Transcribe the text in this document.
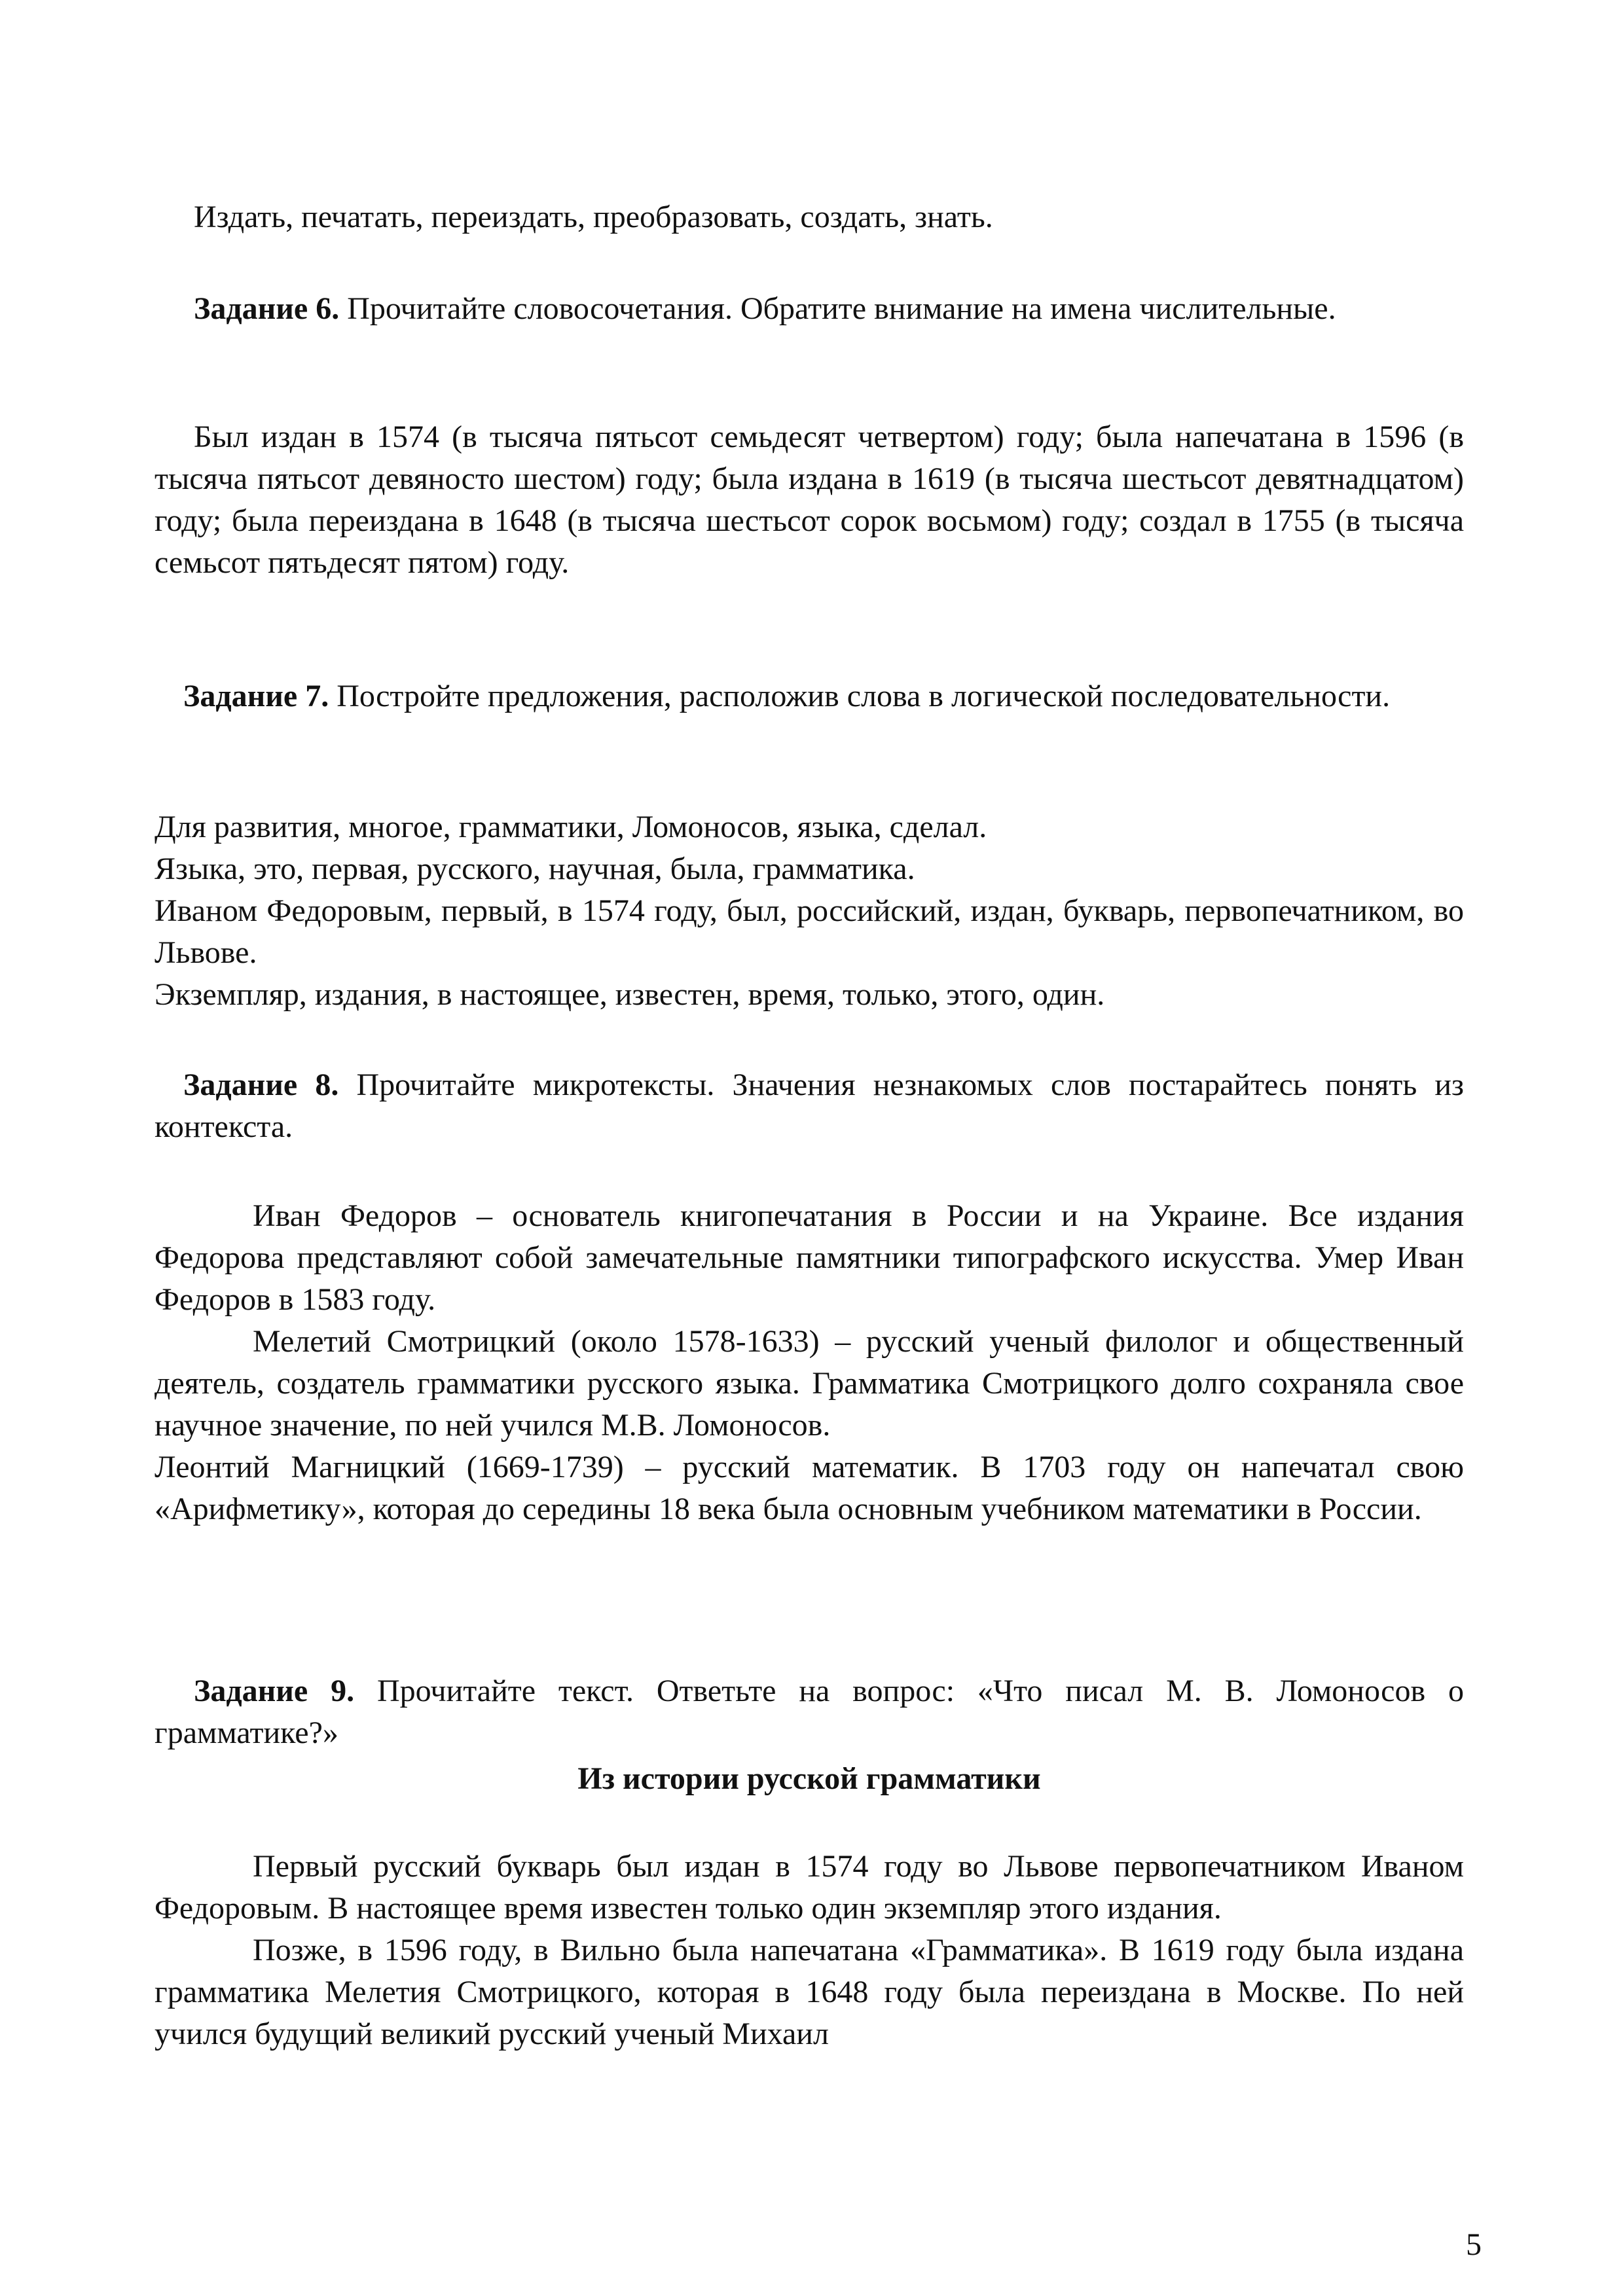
Издать, печатать, переиздать, преобразовать, создать, знать.

Задание 6. Прочитайте словосочетания. Обратите внимание на имена числительные.

Был издан в 1574 (в тысяча пятьсот семьдесят четвертом) году; была напечатана в 1596 (в тысяча пятьсот девяносто шестом) году; была издана в 1619 (в тысяча шестьсот девятнадцатом) году; была переиздана в 1648 (в тысяча шестьсот сорок восьмом) году; создал в 1755 (в тысяча семьсот пятьдесят пятом) году.

Задание 7. Постройте предложения, расположив слова в логической последовательности.

Для развития, многое, грамматики, Ломоносов, языка, сделал.

Языка, это, первая, русского, научная, была, грамматика.

Иваном Федоровым, первый, в 1574 году, был, российский, издан, букварь, первопечатником, во Львове.

Экземпляр, издания, в настоящее, известен, время, только, этого, один.

Задание 8. Прочитайте микротексты. Значения незнакомых слов постарайтесь понять из контекста.

Иван Федоров – основатель книгопечатания в России и на Украине. Все издания Федорова представляют собой замечательные памятники типографского искусства. Умер Иван Федоров в 1583 году.

Мелетий Смотрицкий (около 1578-1633) – русский ученый филолог и общественный деятель, создатель грамматики русского языка. Грамматика Смотрицкого долго сохраняла свое научное значение, по ней учился М.В. Ломоносов.

Леонтий Магницкий (1669-1739) – русский математик. В 1703 году он напечатал свою «Арифметику», которая до середины 18 века была основным учебником математики в России.

Задание 9. Прочитайте текст. Ответьте на вопрос: «Что писал М. В. Ломоносов о грамматике?»

Из истории русской грамматики

Первый русский букварь был издан в 1574 году во Львове первопечатником Иваном Федоровым. В настоящее время известен только один экземпляр этого издания.

Позже, в 1596 году, в Вильно была напечатана «Грамматика». В 1619 году была издана грамматика Мелетия Смотрицкого, которая в 1648 году была переиздана в Москве. По ней учился будущий великий русский ученый Михаил

5
